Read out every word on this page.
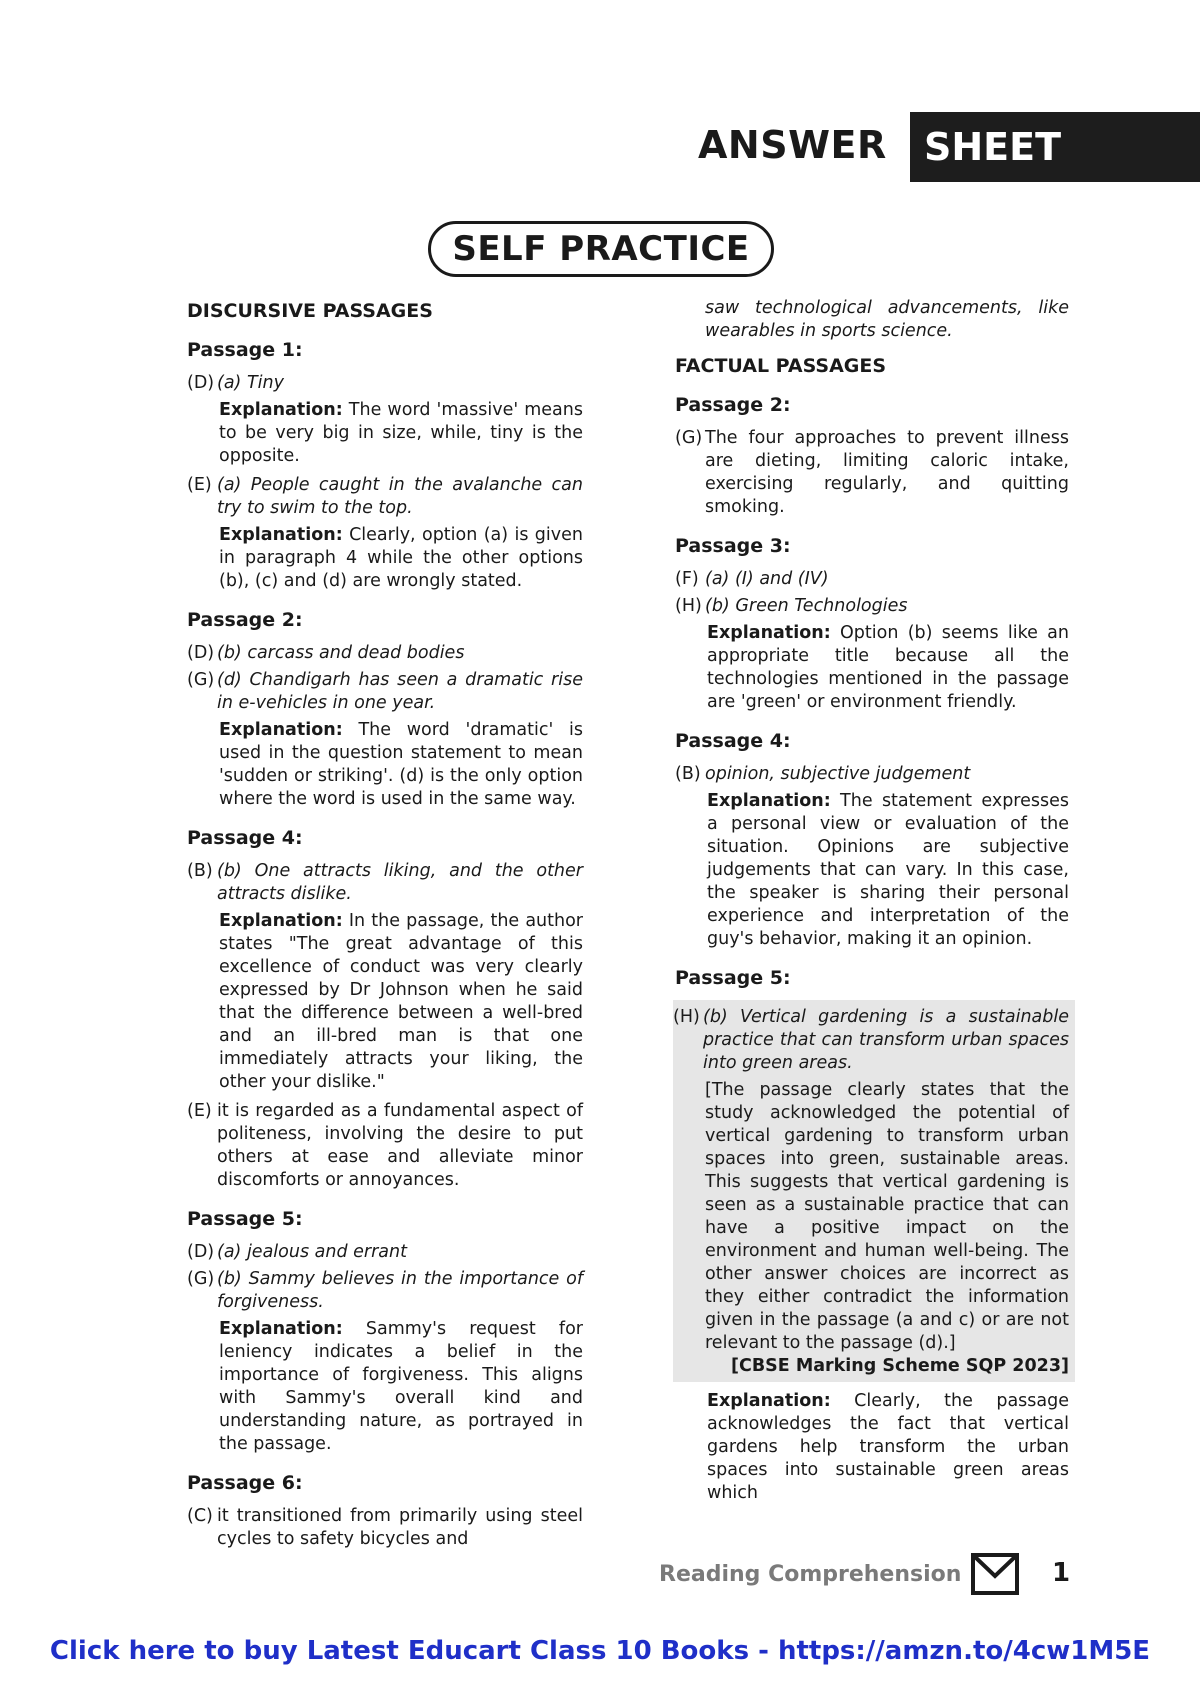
ANSWER SHEET
SELF PRACTICE
DISCURSIVE PASSAGES
Passage 1:
(D) (a) Tiny
Explanation: The word 'massive' means to be very big in size, while, tiny is the opposite.
(E) (a) People caught in the avalanche can try to swim to the top.
Explanation: Clearly, option (a) is given in paragraph 4 while the other options (b), (c) and (d) are wrongly stated.
Passage 2:
(D) (b) carcass and dead bodies
(G) (d) Chandigarh has seen a dramatic rise in e-vehicles in one year.
Explanation: The word 'dramatic' is used in the question statement to mean 'sudden or striking'. (d) is the only option where the word is used in the same way.
Passage 4:
(B) (b) One attracts liking, and the other attracts dislike.
Explanation: In the passage, the author states "The great advantage of this excellence of conduct was very clearly expressed by Dr Johnson when he said that the difference between a well-bred and an ill-bred man is that one immediately attracts your liking, the other your dislike."
(E) it is regarded as a fundamental aspect of politeness, involving the desire to put others at ease and alleviate minor discomforts or annoyances.
Passage 5:
(D) (a) jealous and errant
(G) (b) Sammy believes in the importance of forgiveness.
Explanation: Sammy's request for leniency indicates a belief in the importance of forgiveness. This aligns with Sammy's overall kind and understanding nature, as portrayed in the passage.
Passage 6:
(C) it transitioned from primarily using steel cycles to safety bicycles and
saw technological advancements, like wearables in sports science.
FACTUAL PASSAGES
Passage 2:
(G) The four approaches to prevent illness are dieting, limiting caloric intake, exercising regularly, and quitting smoking.
Passage 3:
(F) (a) (I) and (IV)
(H) (b) Green Technologies
Explanation: Option (b) seems like an appropriate title because all the technologies mentioned in the passage are 'green' or environment friendly.
Passage 4:
(B) opinion, subjective judgement
Explanation: The statement expresses a personal view or evaluation of the situation. Opinions are subjective judgements that can vary. In this case, the speaker is sharing their personal experience and interpretation of the guy's behavior, making it an opinion.
Passage 5:
(H) (b) Vertical gardening is a sustainable practice that can transform urban spaces into green areas.
[The passage clearly states that the study acknowledged the potential of vertical gardening to transform urban spaces into green, sustainable areas. This suggests that vertical gardening is seen as a sustainable practice that can have a positive impact on the environment and human well-being. The other answer choices are incorrect as they either contradict the information given in the passage (a and c) or are not relevant to the passage (d).]
[CBSE Marking Scheme SQP 2023]
Explanation: Clearly, the passage acknowledges the fact that vertical gardens help transform the urban spaces into sustainable green areas which
Reading Comprehension	1
Click here to buy Latest Educart Class 10 Books - https://amzn.to/4cw1M5E
